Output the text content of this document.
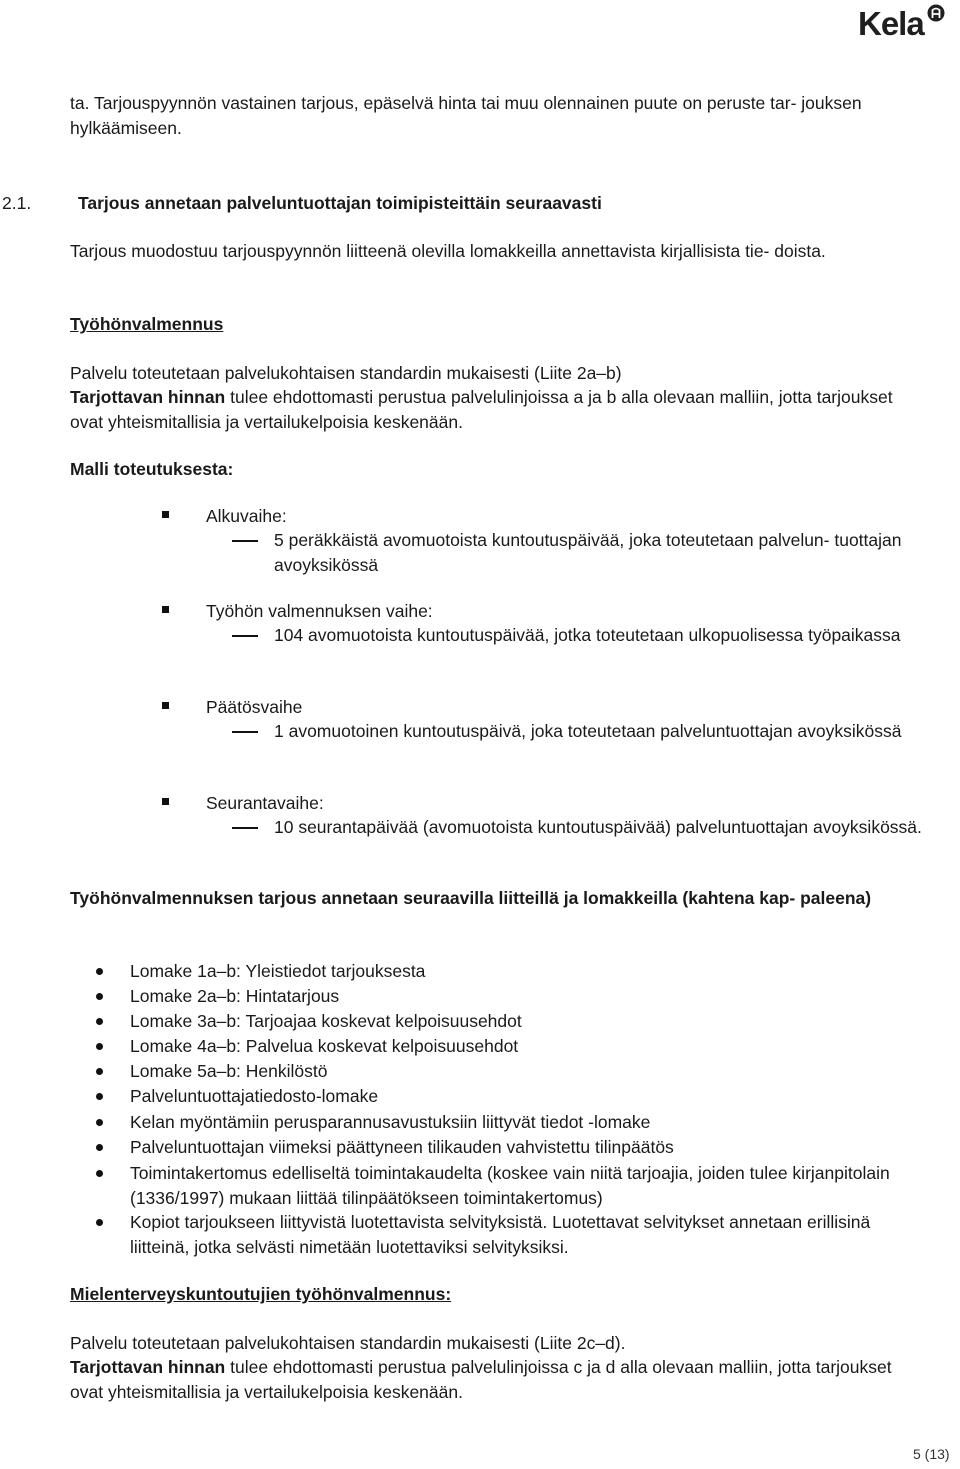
Kela

ta. Tarjouspyynnön vastainen tarjous, epäselvä hinta tai muu olennainen puute on peruste tar- jouksen hylkäämiseen.

2.1.	Tarjous annetaan palveluntuottajan toimipisteittäin seuraavasti

Tarjous muodostuu tarjouspyynnön liitteenä olevilla lomakkeilla annettavista kirjallisista tie- doista.

Työhönvalmennus

Palvelu toteutetaan palvelukohtaisen standardin mukaisesti (Liite 2a–b)

Tarjottavan hinnan tulee ehdottomasti perustua palvelulinjoissa a ja b alla olevaan malliin, jotta tarjoukset ovat yhteismitallisia ja vertailukelpoisia keskenään.

Malli toteutuksesta:

Alkuvaihe:
5 peräkkäistä avomuotoista kuntoutuspäivää, joka toteutetaan palvelun- tuottajan avoyksikössä
Työhön valmennuksen vaihe:
104 avomuotoista kuntoutuspäivää, jotka toteutetaan ulkopuolisessa työpaikassa
Päätösvaihe
1 avomuotoinen kuntoutuspäivä, joka toteutetaan palveluntuottajan avoyksikössä
Seurantavaihe:
10 seurantapäivää (avomuotoista kuntoutuspäivää) palveluntuottajan avoyksikössä.

Työhönvalmennuksen tarjous annetaan seuraavilla liitteillä ja lomakkeilla (kahtena kap- paleena)

Lomake 1a–b: Yleistiedot tarjouksesta
Lomake 2a–b: Hintatarjous
Lomake 3a–b: Tarjoajaa koskevat kelpoisuusehdot
Lomake 4a–b: Palvelua koskevat kelpoisuusehdot
Lomake 5a–b: Henkilöstö
Palveluntuottajatiedosto-lomake
Kelan myöntämiin perusparannusavustuksiin liittyvät tiedot -lomake
Palveluntuottajan viimeksi päättyneen tilikauden vahvistettu tilinpäätös
Toimintakertomus edelliseltä toimintakaudelta (koskee vain niitä tarjoajia, joiden tulee kirjanpitolain (1336/1997) mukaan liittää tilinpäätökseen toimintakertomus)
Kopiot tarjoukseen liittyvistä luotettavista selvityksistä. Luotettavat selvitykset annetaan erillisinä liitteinä, jotka selvästi nimetään luotettaviksi selvityksiksi.

Mielenterveyskuntoutujien työhönvalmennus:

Palvelu toteutetaan palvelukohtaisen standardin mukaisesti (Liite 2c–d).

Tarjottavan hinnan tulee ehdottomasti perustua palvelulinjoissa c ja d alla olevaan malliin, jotta tarjoukset ovat yhteismitallisia ja vertailukelpoisia keskenään.

5 (13)
